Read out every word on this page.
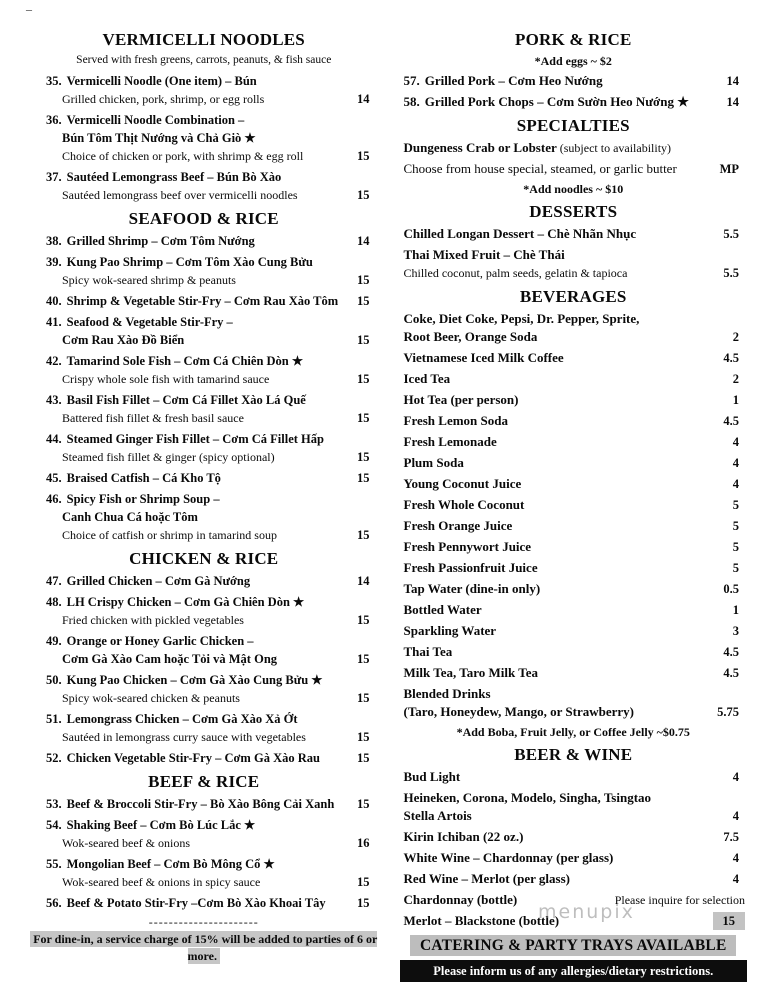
–
VERMICELLI NOODLES
Served with fresh greens, carrots, peanuts, & fish sauce
35. Vermicelli Noodle (One item) – Bún
Grilled chicken, pork, shrimp, or egg rolls	14
36. Vermicelli Noodle Combination –
Bún Tôm Thịt Nướng và Chả Giò ★
Choice of chicken or pork, with shrimp & egg roll	15
37. Sautéed Lemongrass Beef – Bún Bò Xào
Sautéed lemongrass beef over vermicelli noodles	15
SEAFOOD & RICE
38. Grilled Shrimp – Cơm Tôm Nướng	14
39. Kung Pao Shrimp – Cơm Tôm Xào Cung Bửu
Spicy wok-seared shrimp & peanuts	15
40. Shrimp & Vegetable Stir-Fry – Cơm Rau Xào Tôm	15
41. Seafood & Vegetable Stir-Fry –
Cơm Rau Xào Đồ Biển	15
42. Tamarind Sole Fish – Cơm Cá Chiên Dòn ★
Crispy whole sole fish with tamarind sauce	15
43. Basil Fish Fillet – Cơm Cá Fillet Xào Lá Quế
Battered fish fillet & fresh basil sauce	15
44. Steamed Ginger Fish Fillet – Cơm Cá Fillet Hấp
Steamed fish fillet & ginger (spicy optional)	15
45. Braised Catfish – Cá Kho Tộ	15
46. Spicy Fish or Shrimp Soup –
Canh Chua Cá hoặc Tôm
Choice of catfish or shrimp in tamarind soup	15
CHICKEN & RICE
47. Grilled Chicken – Cơm Gà Nướng	14
48. LH Crispy Chicken – Cơm Gà Chiên Dòn ★
Fried chicken with pickled vegetables	15
49. Orange or Honey Garlic Chicken –
Cơm Gà Xào Cam hoặc Tỏi và Mật Ong	15
50. Kung Pao Chicken – Cơm Gà Xào Cung Bửu ★
Spicy wok-seared chicken & peanuts	15
51. Lemongrass Chicken – Cơm Gà Xào Xả Ớt
Sautéed in lemongrass curry sauce with vegetables	15
52. Chicken Vegetable Stir-Fry – Cơm Gà Xào Rau	15
BEEF & RICE
53. Beef & Broccoli Stir-Fry – Bò Xào Bông Cải Xanh	15
54. Shaking Beef – Cơm Bò Lúc Lắc ★
Wok-seared beef & onions	16
55. Mongolian Beef – Cơm Bò Mông Cổ ★
Wok-seared beef & onions in spicy sauce	15
56. Beef & Potato Stir-Fry –Cơm Bò Xào Khoai Tây	15
----------------------
For dine-in, a service charge of 15% will be added to parties of 6 or more.
PORK & RICE
*Add eggs ~ $2
57. Grilled Pork – Cơm Heo Nướng	14
58. Grilled Pork Chops – Cơm Sườn Heo Nướng ★	14
SPECIALTIES
Dungeness Crab or Lobster (subject to availability)
Choose from house special, steamed, or garlic butter	MP
*Add noodles ~ $10
DESSERTS
Chilled Longan Dessert – Chè Nhãn Nhục	5.5
Thai Mixed Fruit – Chè Thái
Chilled coconut, palm seeds, gelatin & tapioca	5.5
BEVERAGES
Coke, Diet Coke, Pepsi, Dr. Pepper, Sprite,
Root Beer, Orange Soda	2
Vietnamese Iced Milk Coffee	4.5
Iced Tea	2
Hot Tea (per person)	1
Fresh Lemon Soda	4.5
Fresh Lemonade	4
Plum Soda	4
Young Coconut Juice	4
Fresh Whole Coconut	5
Fresh Orange Juice	5
Fresh Pennywort Juice	5
Fresh Passionfruit Juice	5
Tap Water (dine-in only)	0.5
Bottled Water	1
Sparkling Water	3
Thai Tea	4.5
Milk Tea, Taro Milk Tea	4.5
Blended Drinks
(Taro, Honeydew, Mango, or Strawberry)	5.75
*Add Boba, Fruit Jelly, or Coffee Jelly ~$0.75
BEER & WINE
Bud Light	4
Heineken, Corona, Modelo, Singha, Tsingtao
Stella Artois	4
Kirin Ichiban (22 oz.)	7.5
White Wine – Chardonnay (per glass)	4
Red Wine – Merlot (per glass)	4
Chardonnay (bottle)	Please inquire for selection
Merlot – Blackstone (bottle)	15
CATERING & PARTY TRAYS AVAILABLE
Please inform us of any allergies/dietary restrictions.
menupix
